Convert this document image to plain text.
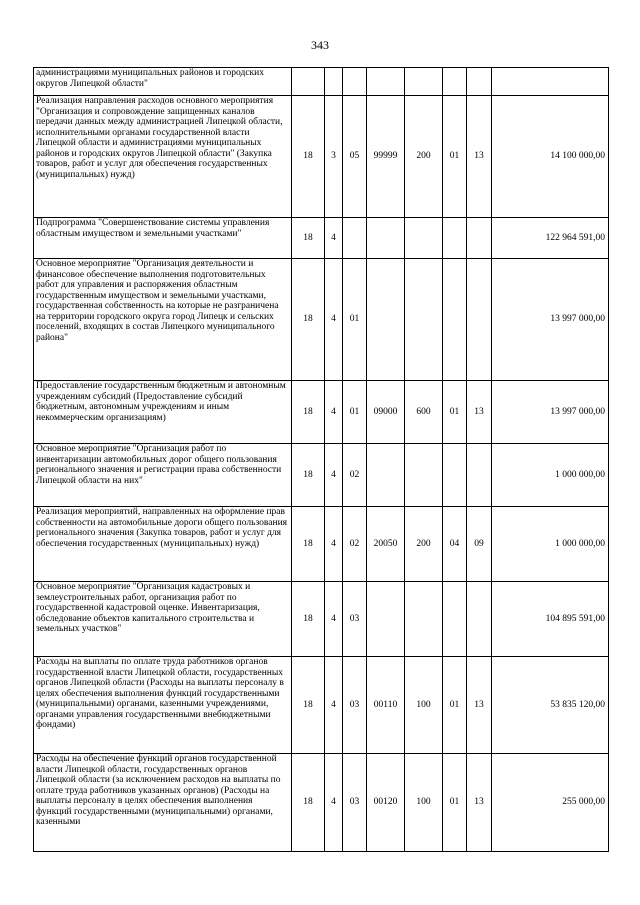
343
администрациями муниципальных районов и городских округов Липецкой области"								
Реализация направления расходов основного мероприятия "Организация и сопровождение защищенных каналов передачи данных между администрацией Липецкой области, исполнительными органами государственной власти Липецкой области и администрациями муниципальных районов и городских округов Липецкой области" (Закупка товаров, работ и услуг для обеспечения государственных (муниципальных) нужд)	18	3	05	99999	200	01	13	14 100 000,00
Подпрограмма "Совершенствование системы управления областным имуществом и земельными участками"	18	4						122 964 591,00
Основное мероприятие "Организация деятельности и финансовое обеспечение выполнения подготовительных работ для управления и распоряжения областным государственным имуществом и земельными участками, государственная собственность на которые не разграничена на территории городского округа город Липецк и сельских поселений, входящих в состав Липецкого муниципального района"	18	4	01					13 997 000,00
Предоставление государственным бюджетным и автономным учреждениям субсидий (Предоставление субсидий бюджетным, автономным учреждениям и иным некоммерческим организациям)	18	4	01	09000	600	01	13	13 997 000,00
Основное мероприятие "Организация работ по инвентаризации автомобильных дорог общего пользования регионального значения и регистрации права собственности Липецкой области на них"	18	4	02					1 000 000,00
Реализация мероприятий, направленных на оформление прав собственности на автомобильные дороги общего пользования регионального значения (Закупка товаров, работ и услуг для обеспечения государственных (муниципальных) нужд)	18	4	02	20050	200	04	09	1 000 000,00
Основное мероприятие "Организация кадастровых и землеустроительных работ, организация работ по государственной кадастровой оценке. Инвентаризация, обследование объектов капитального строительства и земельных участков"	18	4	03					104 895 591,00
Расходы на выплаты по оплате труда работников органов государственной власти Липецкой области, государственных органов Липецкой области (Расходы на выплаты персоналу в целях обеспечения выполнения функций государственными (муниципальными) органами, казенными учреждениями, органами управления государственными внебюджетными фондами)	18	4	03	00110	100	01	13	53 835 120,00
Расходы на обеспечение функций органов государственной власти Липецкой области, государственных органов Липецкой области (за исключением расходов на выплаты по оплате труда работников указанных органов) (Расходы на выплаты персоналу в целях обеспечения выполнения функций государственными (муниципальными) органами, казенными	18	4	03	00120	100	01	13	255 000,00
